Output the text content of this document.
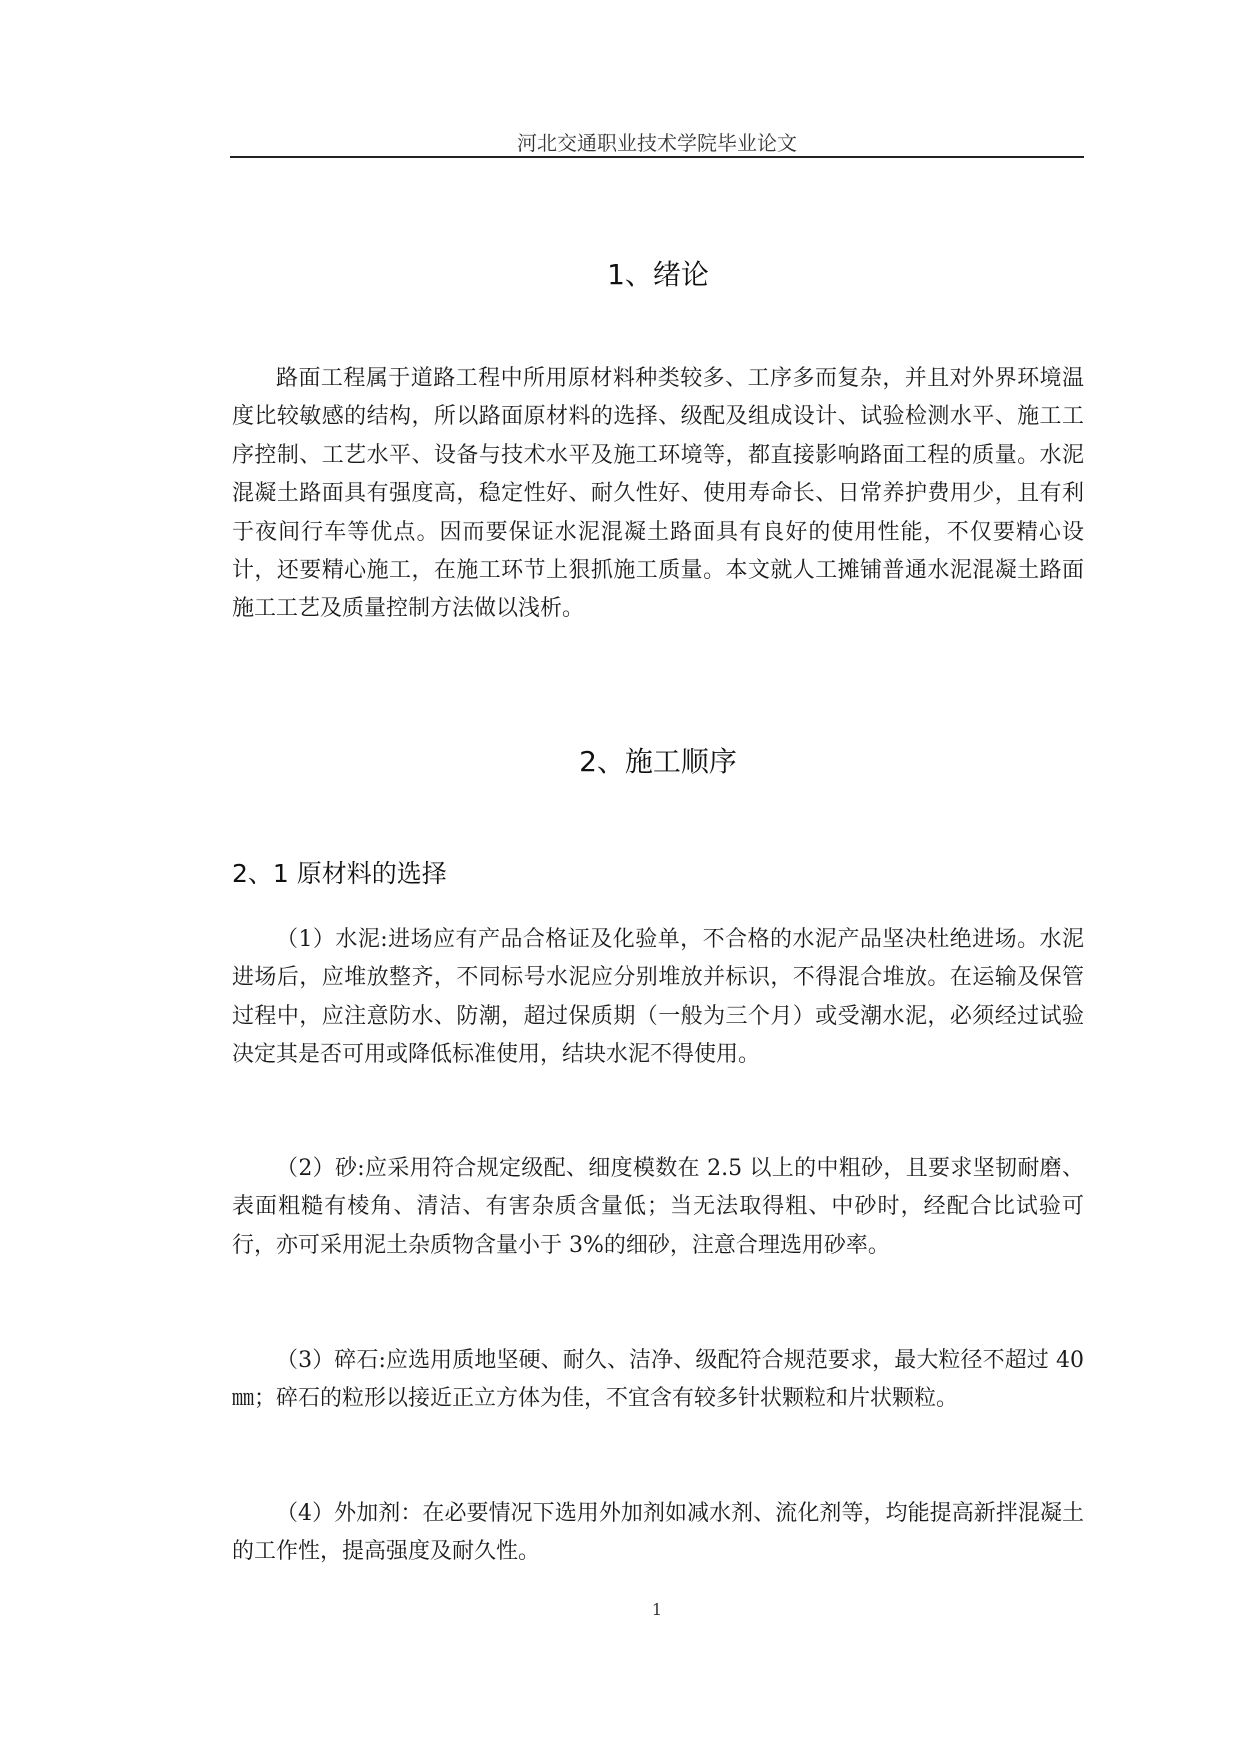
河北交通职业技术学院毕业论文
1、绪论

路面工程属于道路工程中所用原材料种类较多、工序多而复杂，并且对外界环境温度比较敏感的结构，所以路面原材料的选择、级配及组成设计、试验检测水平、施工工序控制、工艺水平、设备与技术水平及施工环境等，都直接影响路面工程的质量。水泥混凝土路面具有强度高，稳定性好、耐久性好、使用寿命长、日常养护费用少，且有利于夜间行车等优点。因而要保证水泥混凝土路面具有良好的使用性能，不仅要精心设计，还要精心施工，在施工环节上狠抓施工质量。本文就人工摊铺普通水泥混凝土路面施工工艺及质量控制方法做以浅析。

2、施工顺序
2、1 原材料的选择

（1）水泥:进场应有产品合格证及化验单，不合格的水泥产品坚决杜绝进场。水泥进场后，应堆放整齐，不同标号水泥应分别堆放并标识，不得混合堆放。在运输及保管过程中，应注意防水、防潮，超过保质期（一般为三个月）或受潮水泥，必须经过试验决定其是否可用或降低标准使用，结块水泥不得使用。

（2）砂:应采用符合规定级配、细度模数在 2.5 以上的中粗砂，且要求坚韧耐磨、表面粗糙有棱角、清洁、有害杂质含量低；当无法取得粗、中砂时，经配合比试验可行，亦可采用泥土杂质物含量小于 3%的细砂，注意合理选用砂率。

（3）碎石:应选用质地坚硬、耐久、洁净、级配符合规范要求，最大粒径不超过 40㎜；碎石的粒形以接近正立方体为佳，不宜含有较多针状颗粒和片状颗粒。

（4）外加剂：在必要情况下选用外加剂如减水剂、流化剂等，均能提高新拌混凝土的工作性，提高强度及耐久性。

1
